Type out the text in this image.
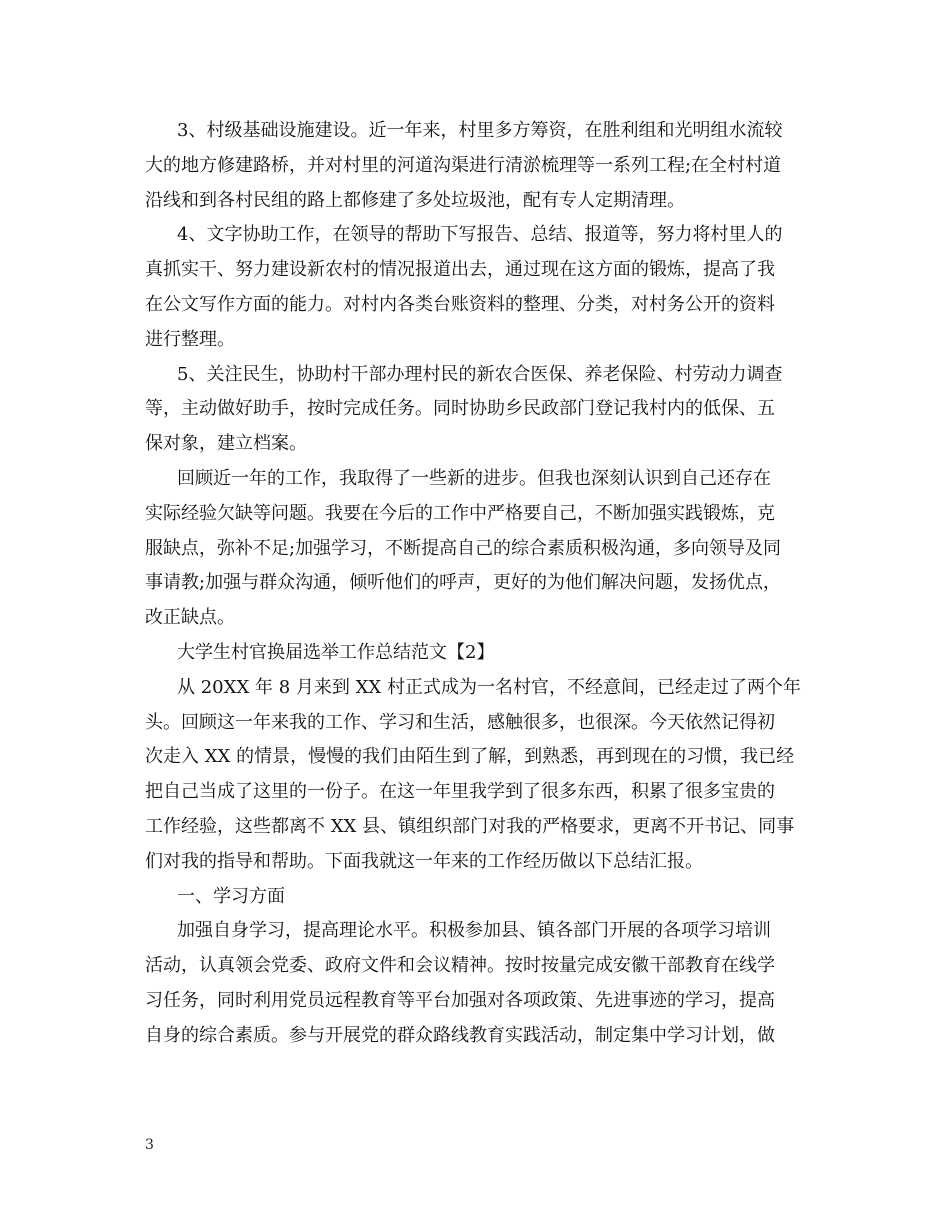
3、村级基础设施建设。近一年来，村里多方筹资，在胜利组和光明组水流较
大的地方修建路桥，并对村里的河道沟渠进行清淤梳理等一系列工程;在全村村道
沿线和到各村民组的路上都修建了多处垃圾池，配有专人定期清理。
4、文字协助工作，在领导的帮助下写报告、总结、报道等，努力将村里人的
真抓实干、努力建设新农村的情况报道出去，通过现在这方面的锻炼，提高了我
在公文写作方面的能力。对村内各类台账资料的整理、分类，对村务公开的资料
进行整理。
5、关注民生，协助村干部办理村民的新农合医保、养老保险、村劳动力调查
等，主动做好助手，按时完成任务。同时协助乡民政部门登记我村内的低保、五
保对象，建立档案。
回顾近一年的工作，我取得了一些新的进步。但我也深刻认识到自己还存在
实际经验欠缺等问题。我要在今后的工作中严格要自己，不断加强实践锻炼，克
服缺点，弥补不足;加强学习，不断提高自己的综合素质积极沟通，多向领导及同
事请教;加强与群众沟通，倾听他们的呼声，更好的为他们解决问题，发扬优点，
改正缺点。
大学生村官换届选举工作总结范文【2】
从 20XX 年 8 月来到 XX 村正式成为一名村官，不经意间，已经走过了两个年
头。回顾这一年来我的工作、学习和生活，感触很多，也很深。今天依然记得初
次走入 XX 的情景，慢慢的我们由陌生到了解，到熟悉，再到现在的习惯，我已经
把自己当成了这里的一份子。在这一年里我学到了很多东西，积累了很多宝贵的
工作经验，这些都离不 XX 县、镇组织部门对我的严格要求，更离不开书记、同事
们对我的指导和帮助。下面我就这一年来的工作经历做以下总结汇报。
一、学习方面
加强自身学习，提高理论水平。积极参加县、镇各部门开展的各项学习培训
活动，认真领会党委、政府文件和会议精神。按时按量完成安徽干部教育在线学
习任务，同时利用党员远程教育等平台加强对各项政策、先进事迹的学习，提高
自身的综合素质。参与开展党的群众路线教育实践活动，制定集中学习计划，做
3
